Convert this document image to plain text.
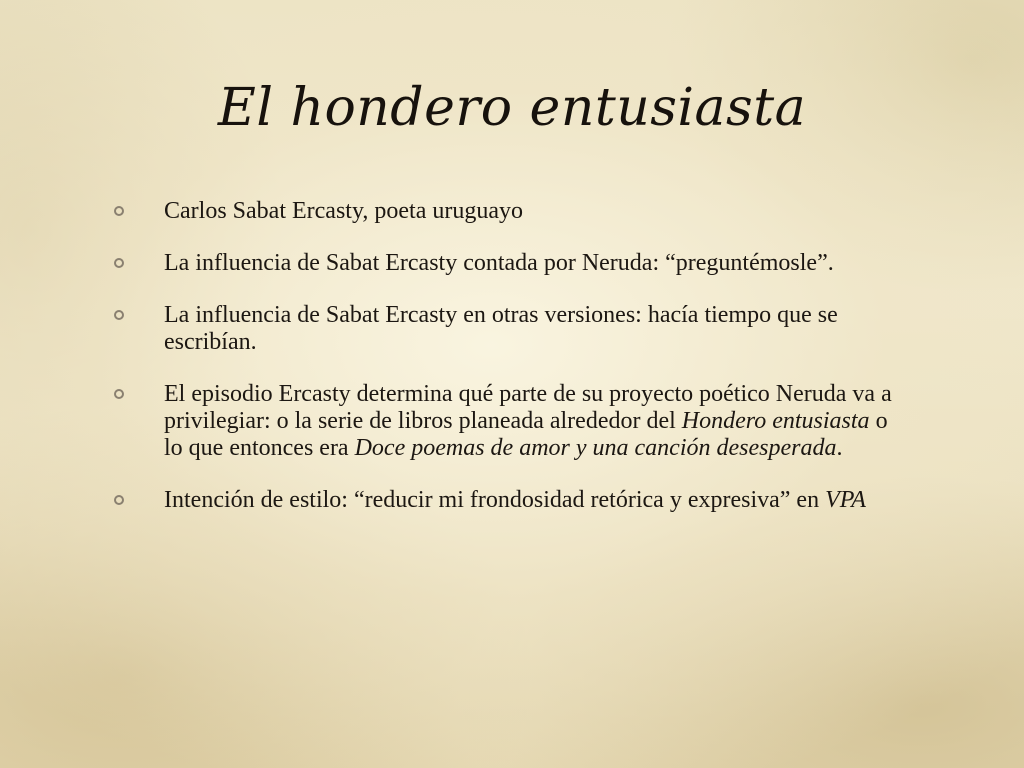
El hondero entusiasta
Carlos Sabat Ercasty, poeta uruguayo
La influencia de Sabat Ercasty contada por Neruda: “preguntémosle”.
La influencia de Sabat Ercasty en otras versiones: hacía tiempo que se escribían.
El episodio Ercasty determina qué parte de su proyecto poético Neruda va a privilegiar: o la serie de libros planeada alrededor del Hondero entusiasta o lo que entonces era Doce poemas de amor y una canción desesperada.
Intención de estilo: “reducir mi frondosidad retórica y expresiva” en VPA
